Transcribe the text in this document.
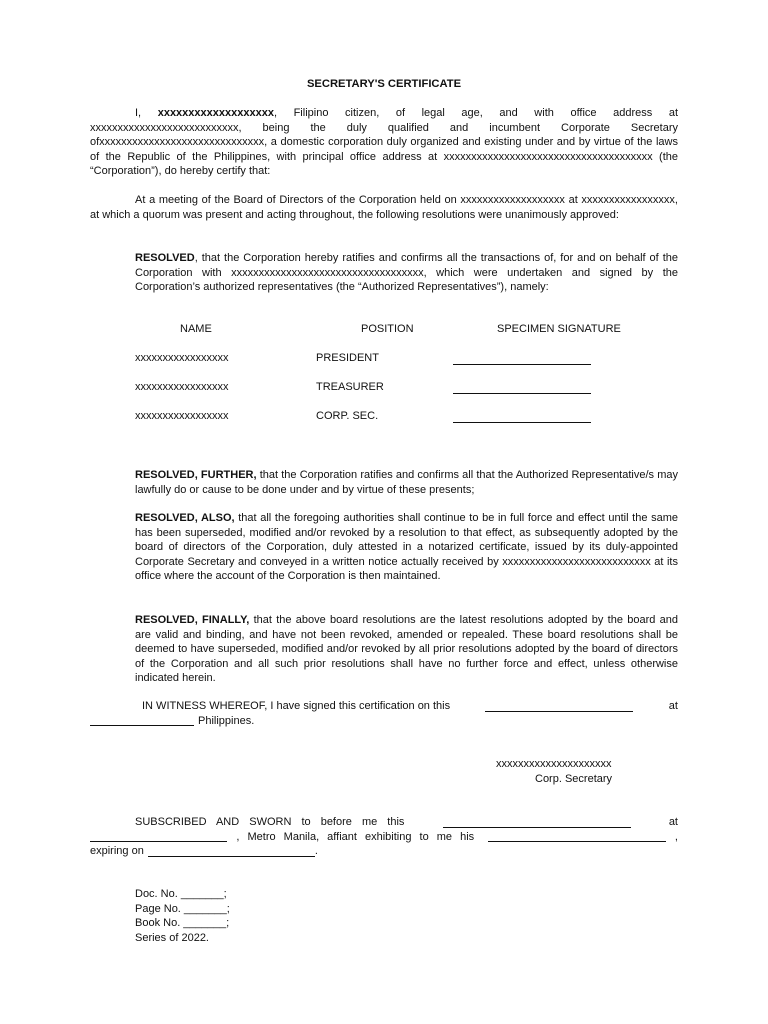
SECRETARY'S CERTIFICATE

I, xxxxxxxxxxxxxxxxxxx, Filipino citizen, of legal age, and with office address at xxxxxxxxxxxxxxxxxxxxxxxxxxx, being the duly qualified and incumbent Corporate Secretary ofxxxxxxxxxxxxxxxxxxxxxxxxxxxxxx, a domestic corporation duly organized and existing under and by virtue of the laws of the Republic of the Philippines, with principal office address at xxxxxxxxxxxxxxxxxxxxxxxxxxxxxxxxxxxxxx (the “Corporation”), do hereby certify that:

At a meeting of the Board of Directors of the Corporation held on xxxxxxxxxxxxxxxxxxx at xxxxxxxxxxxxxxxxx, at which a quorum was present and acting throughout, the following resolutions were unanimously approved:

RESOLVED, that the Corporation hereby ratifies and confirms all the transactions of, for and on behalf of the Corporation with xxxxxxxxxxxxxxxxxxxxxxxxxxxxxxxxxxx, which were undertaken and signed by the Corporation’s authorized representatives (the “Authorized Representatives”), namely:

NAME	POSITION	SPECIMEN SIGNATURE
xxxxxxxxxxxxxxxxx	PRESIDENT
xxxxxxxxxxxxxxxxx	TREASURER
xxxxxxxxxxxxxxxxx	CORP. SEC.

RESOLVED, FURTHER, that the Corporation ratifies and confirms all that the Authorized Representative/s may lawfully do or cause to be done under and by virtue of these presents;

RESOLVED, ALSO, that all the foregoing authorities shall continue to be in full force and effect until the same has been superseded, modified and/or revoked by a resolution to that effect, as subsequently adopted by the board of directors of the Corporation, duly attested in a notarized certificate, issued by its duly-appointed Corporate Secretary and conveyed in a written notice actually received by xxxxxxxxxxxxxxxxxxxxxxxxxxx at its office where the account of the Corporation is then maintained.

RESOLVED, FINALLY, that the above board resolutions are the latest resolutions adopted by the board and are valid and binding, and have not been revoked, amended or repealed. These board resolutions shall be deemed to have superseded, modified and/or revoked by all prior resolutions adopted by the board of directors of the Corporation and all such prior resolutions shall have no further force and effect, unless otherwise indicated herein.

IN WITNESS WHEREOF, I have signed this certification on this	at
Philippines.
xxxxxxxxxxxxxxxxxxxxx
Corp. Secretary
SUBSCRIBED AND SWORN to before me this	at
, Metro Manila, affiant exhibiting to me his	,
expiring on	.
Doc. No. _______;
Page No. _______;
Book No. _______;
Series of 2022.
